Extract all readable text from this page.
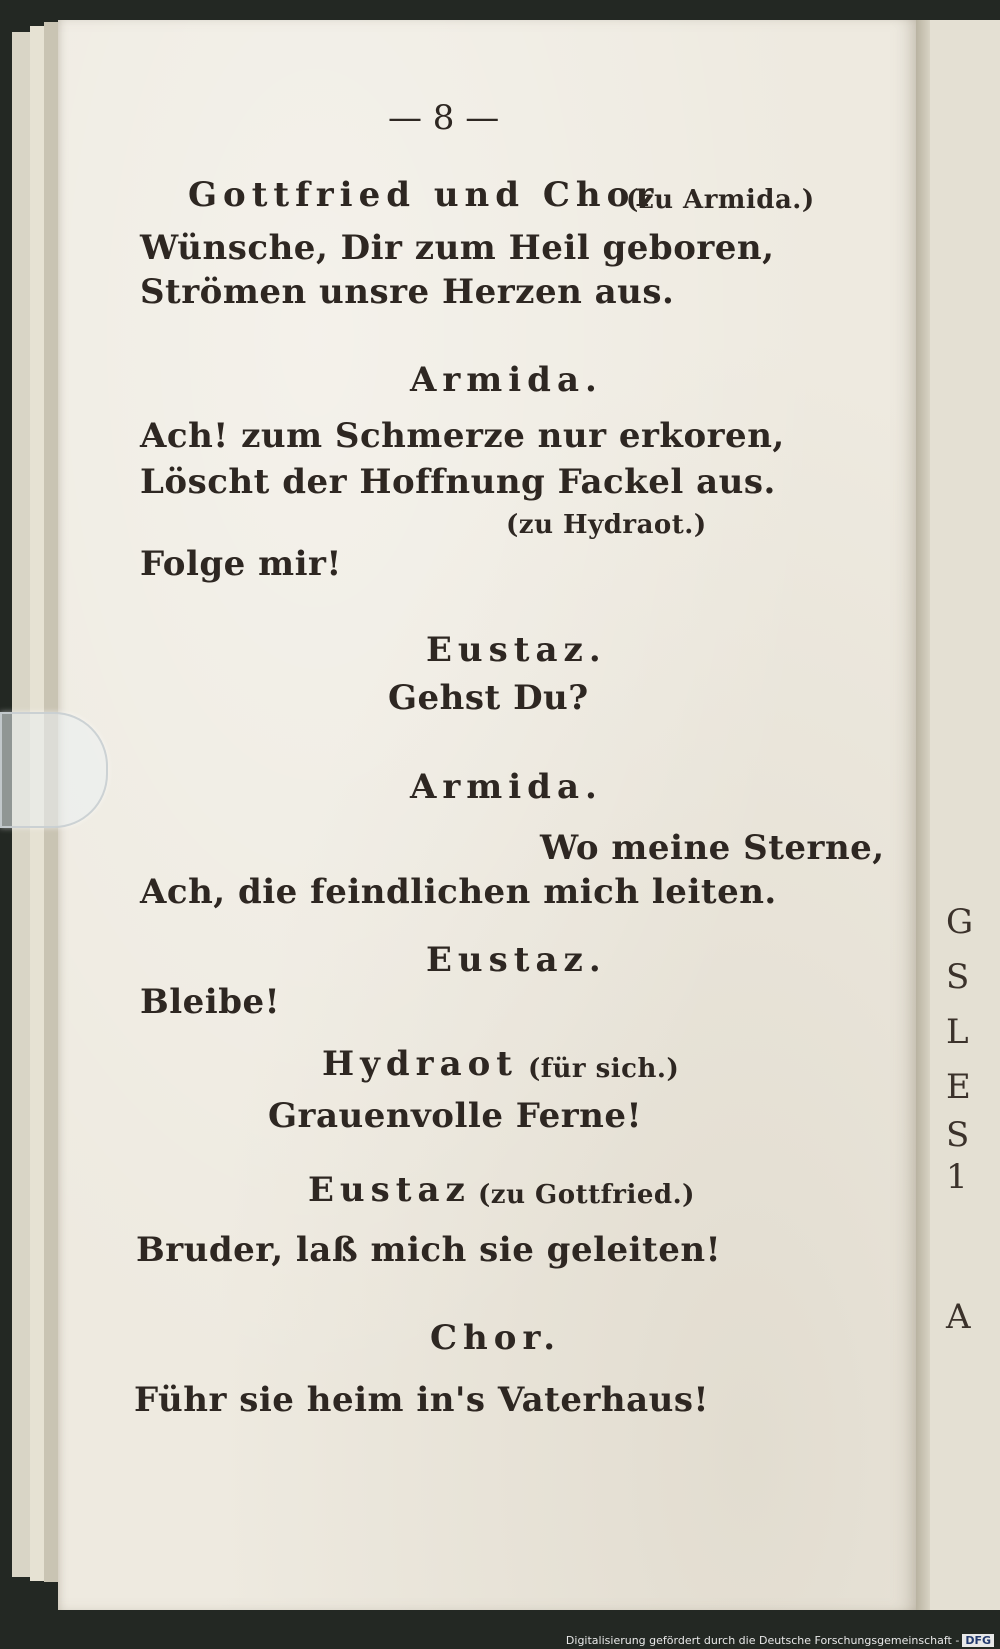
G
S
L
E
S
1
A
— 8 —
Gottfried und Chor
(zu Armida.)
Wünsche, Dir zum Heil geboren,
Strömen unsre Herzen aus.
Armida.
Ach! zum Schmerze nur erkoren,
Löscht der Hoffnung Fackel aus.
(zu Hydraot.)
Folge mir!
Eustaz.
Gehst Du?
Armida.
Wo meine Sterne,
Ach, die feindlichen mich leiten.
Eustaz.
Bleibe!
Hydraot (für sich.)
Grauenvolle Ferne!
Eustaz (zu Gottfried.)
Bruder, laß mich sie geleiten!
Chor.
Führ sie heim in's Vaterhaus!
Digitalisierung gefördert durch die Deutsche Forschungsgemeinschaft - DFG
